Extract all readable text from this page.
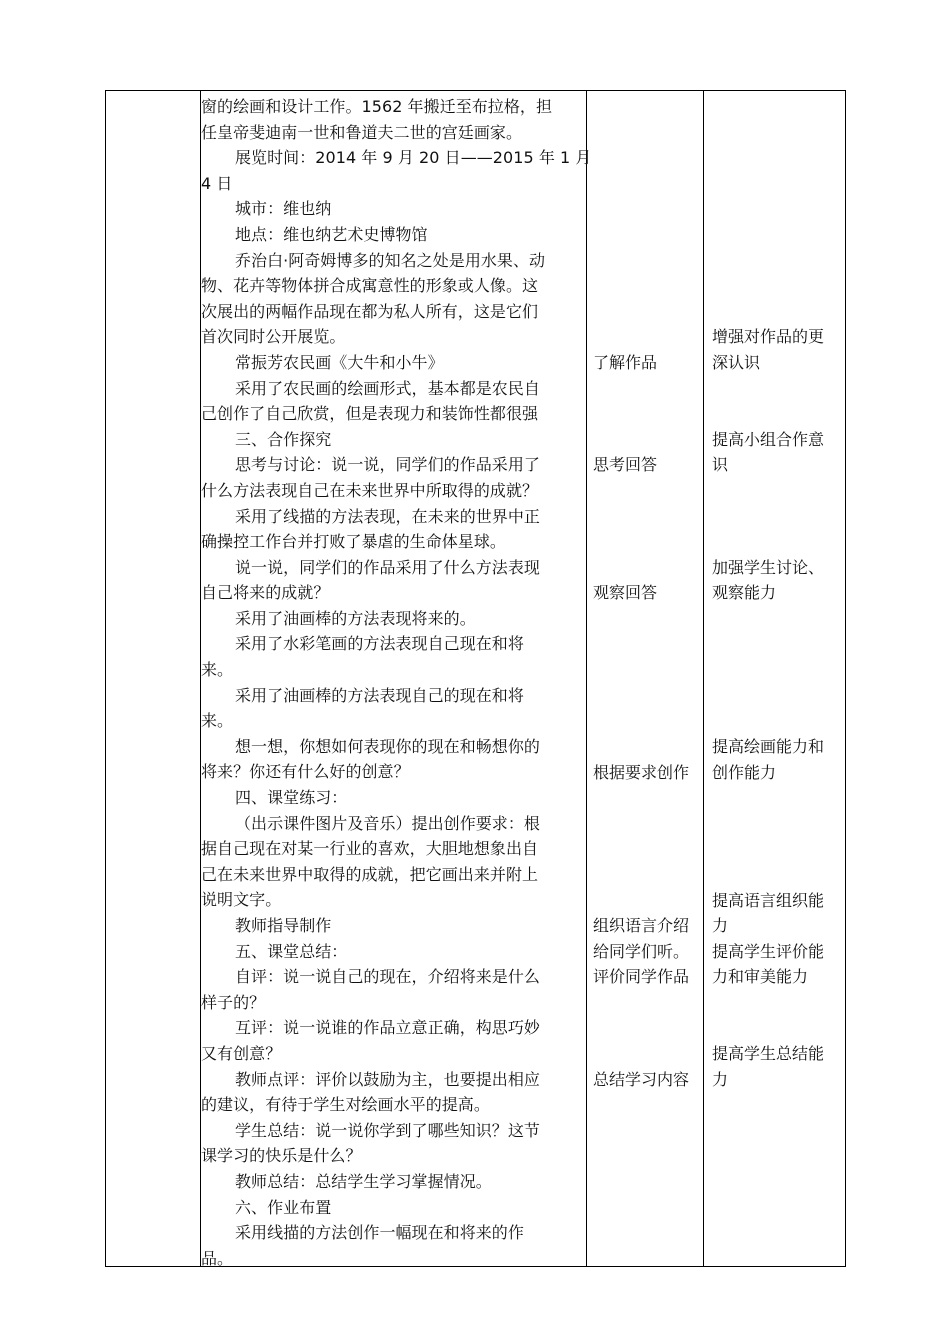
窗的绘画和设计工作。1562 年搬迁至布拉格，担
任皇帝斐迪南一世和鲁道夫二世的宫廷画家。
展览时间：2014 年 9 月 20 日——2015 年 1 月
4 日
城市：维也纳
地点：维也纳艺术史博物馆
乔治白·阿奇姆博多的知名之处是用水果、动
物、花卉等物体拼合成寓意性的形象或人像。这
次展出的两幅作品现在都为私人所有，这是它们
首次同时公开展览。
常振芳农民画《大牛和小牛》
采用了农民画的绘画形式，基本都是农民自
己创作了自己欣赏，但是表现力和装饰性都很强
三、合作探究
思考与讨论：说一说，同学们的作品采用了
什么方法表现自己在未来世界中所取得的成就？
采用了线描的方法表现，在未来的世界中正
确操控工作台并打败了暴虐的生命体星球。
说一说，同学们的作品采用了什么方法表现
自己将来的成就？
采用了油画棒的方法表现将来的。
采用了水彩笔画的方法表现自己现在和将
来。
采用了油画棒的方法表现自己的现在和将
来。
想一想，你想如何表现你的现在和畅想你的
将来？你还有什么好的创意？
四、课堂练习：
（出示课件图片及音乐）提出创作要求：根
据自己现在对某一行业的喜欢，大胆地想象出自
己在未来世界中取得的成就，把它画出来并附上
说明文字。
教师指导制作
五、课堂总结：
自评：说一说自己的现在，介绍将来是什么
样子的？
互评：说一说谁的作品立意正确，构思巧妙
又有创意？
教师点评：评价以鼓励为主，也要提出相应
的建议，有待于学生对绘画水平的提高。
学生总结：说一说你学到了哪些知识？这节
课学习的快乐是什么？
教师总结：总结学生学习掌握情况。
六、作业布置
采用线描的方法创作一幅现在和将来的作
品。
了解作品
思考回答
观察回答
根据要求创作
组织语言介绍
给同学们听。
评价同学作品
增强对作品的更
深认识
提高小组合作意
识
加强学生讨论、
观察能力
提高绘画能力和
创作能力
提高语言组织能
力
提高学生评价能
力和审美能力
提高学生总结能
力
总结学习内容
